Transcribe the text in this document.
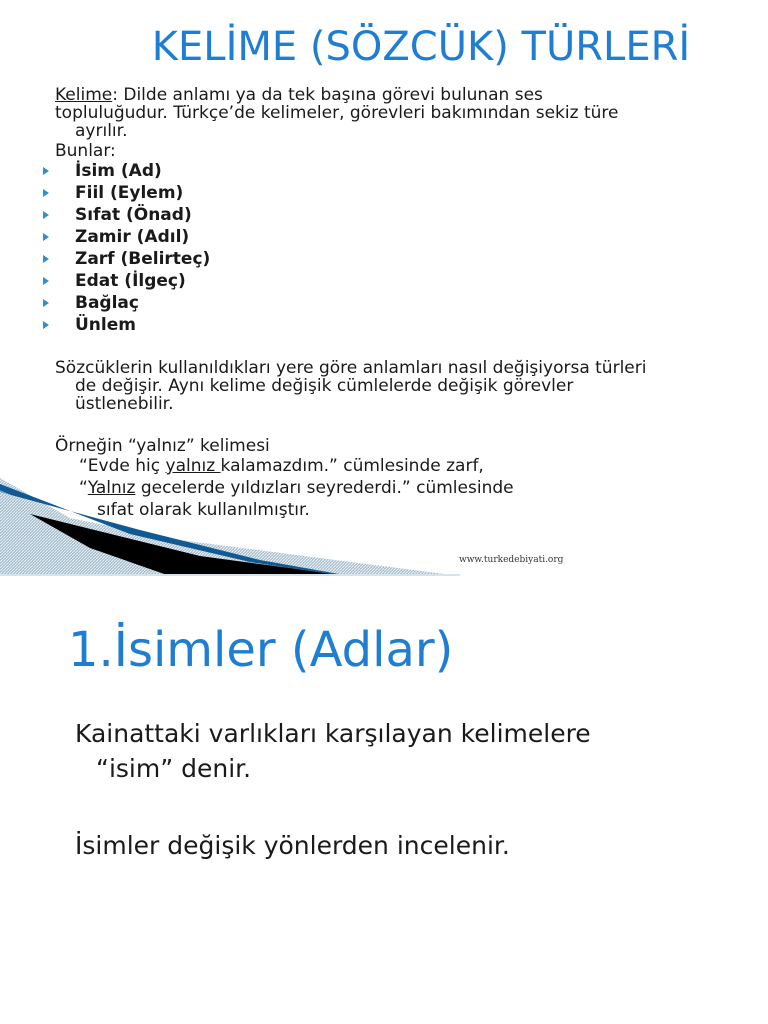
KELİME (SÖZCÜK) TÜRLERİ

Kelime: Dilde anlamı ya da tek başına görevi bulunan ses
topluluğudur. Türkçe’de kelimeler, görevleri bakımından sekiz türe
ayrılır.

Bunlar:

İsim (Ad)
Fiil (Eylem)
Sıfat (Önad)
Zamir (Adıl)
Zarf (Belirteç)
Edat (İlgeç)
Bağlaç
Ünlem

Sözcüklerin kullanıldıkları yere göre anlamları nasıl değişiyorsa türleri
de değişir. Aynı kelime değişik cümlelerde değişik görevler
üstlenebilir.

Örneğin “yalnız” kelimesi

“Evde hiç yalnız kalamazdım.” cümlesinde zarf,

“Yalnız gecelerde yıldızları seyrederdi.” cümlesinde

sıfat olarak kullanılmıştır.

www.turkedebiyati.org
1.İsimler (Adlar)

Kainattaki varlıkları karşılayan kelimelere
“isim” denir.

İsimler değişik yönlerden incelenir.
